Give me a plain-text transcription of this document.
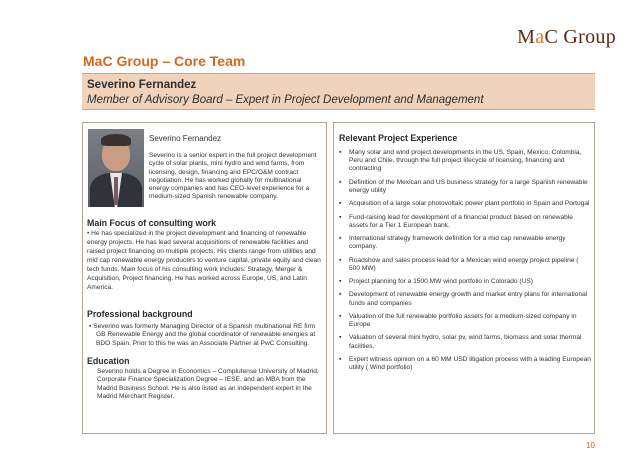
MaC Group
MaC Group – Core Team
Severino Fernandez
Member of Advisory Board – Expert in Project Development and Management
Severino Fernandez
Severino is a senior expert in the full project development cycle of solar plants, mini hydro and wind farms, from licensing, design, financing and EPC/O&M contract negotiation. He has worked globally for multinational energy companies and has CEO-level experience for a medium-sized Spanish renewable company.
Main Focus of consulting work
• He has specialized in the project development and financing of renewable energy projects. He has lead several acquisitions of renewable facilities and raised project financing on multiple projects. His clients range from utilities and mid cap renewable energy producers to venture capital, private equity and clean tech funds. Main focus of his consulting work includes: Strategy, Merger & Acquisition, Project financing. He has worked across Europe, US, and Latin America.
Professional background
▪ Severino was formerly Managing Director of a Spanish multinational RE firm GB Renewable Energy and the global coordinator of renewable energies at BDO Spain. Prior to this he was an Associate Partner at PwC Consulting.
Education
Severino holds a Degree in Economics – Complutense University of Madrid, Corporate Finance Specialization Degree – IESE, and an MBA from the Madrid Business School. He is also listed as an independent expert in the Madrid Merchant Register.
Relevant Project Experience
▪ Many solar and wind project developments in the US, Spain, Mexico, Colombia, Peru and Chile, through the full project lifecycle of licensing, financing and contracting
▪ Definition of the Mexican and US business strategy for a large Spanish renewable energy utility
▪ Acquisition of a large solar photovoltaic power plant portfolio in Spain and Portugal
▪ Fund-raising lead for development of a financial product based on renewable assets for a Tier 1 European bank.
▪ International strategy framework definition for a mid cap renewable energy company.
▪ Roadshow and sales process lead for a Mexican wind energy project pipeline ( 500 MW)
▪ Project planning for a 1500 MW wind portfolio in Colorado (US)
▪ Development of renewable energy growth and market entry plans for international funds and companies
▪ Valuation of the full renewable portfolio assets for a medium-sized company in Europe
▪ Valuation of several mini hydro, solar pv, wind farms, biomass and solar thermal facilities.
▪ Expert witness opinion on a 60 MM USD litigation process with a leading European utility ( Wind portfolio)
10
